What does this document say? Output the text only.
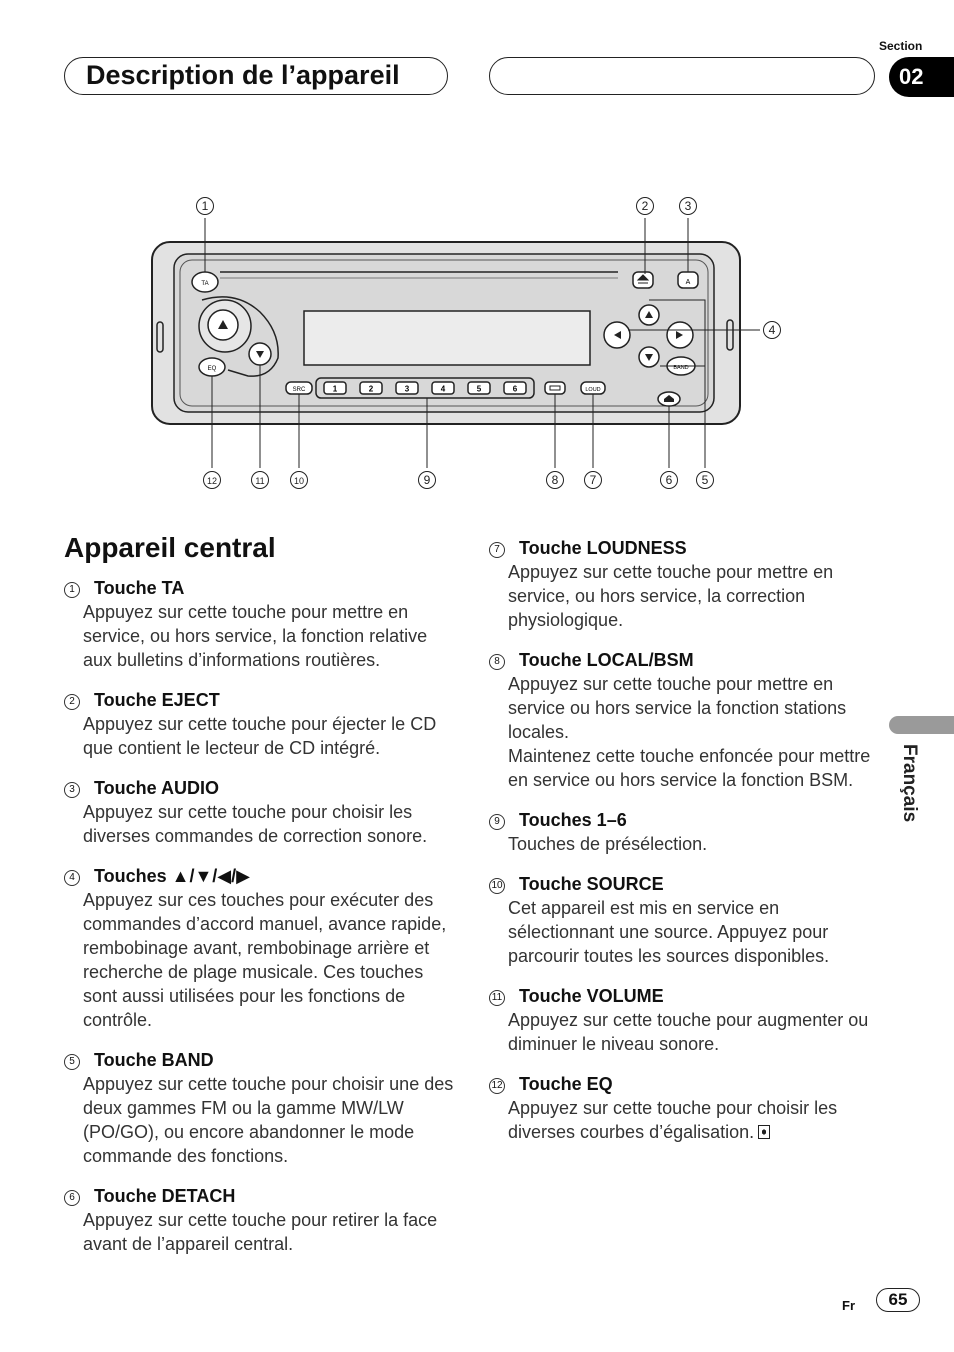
Description de l’appareil
Section
02
Français
TA	A
EQ
SRC	1	2	3	4	5	6	LOUD
BAND
1	2	3
4
5
6
7
8
9
10
11
12
Appareil central
1 Touche TA
Appuyez sur cette touche pour mettre en service, ou hors service, la fonction relative aux bulletins d’informations routières.
2 Touche EJECT
Appuyez sur cette touche pour éjecter le CD que contient le lecteur de CD intégré.
3 Touche AUDIO
Appuyez sur cette touche pour choisir les diverses commandes de correction sonore.
4 Touches ▲/▼/◀/▶
Appuyez sur ces touches pour exécuter des commandes d’accord manuel, avance rapide, rembobinage avant, rembobinage arrière et recherche de plage musicale. Ces touches sont aussi utilisées pour les fonctions de contrôle.
5 Touche BAND
Appuyez sur cette touche pour choisir une des deux gammes FM ou la gamme MW/LW (PO/GO), ou encore abandonner le mode commande des fonctions.
6 Touche DETACH
Appuyez sur cette touche pour retirer la face avant de l’appareil central.
7 Touche LOUDNESS
Appuyez sur cette touche pour mettre en service, ou hors service, la correction physiologique.
8 Touche LOCAL/BSM
Appuyez sur cette touche pour mettre en service ou hors service la fonction stations locales.
Maintenez cette touche enfoncée pour mettre en service ou hors service la fonction BSM.
9 Touches 1–6
Touches de présélection.
10 Touche SOURCE
Cet appareil est mis en service en sélectionnant une source. Appuyez pour parcourir toutes les sources disponibles.
11 Touche VOLUME
Appuyez sur cette touche pour augmenter ou diminuer le niveau sonore.
12 Touche EQ
Appuyez sur cette touche pour choisir les diverses courbes d’égalisation.
Fr	65
